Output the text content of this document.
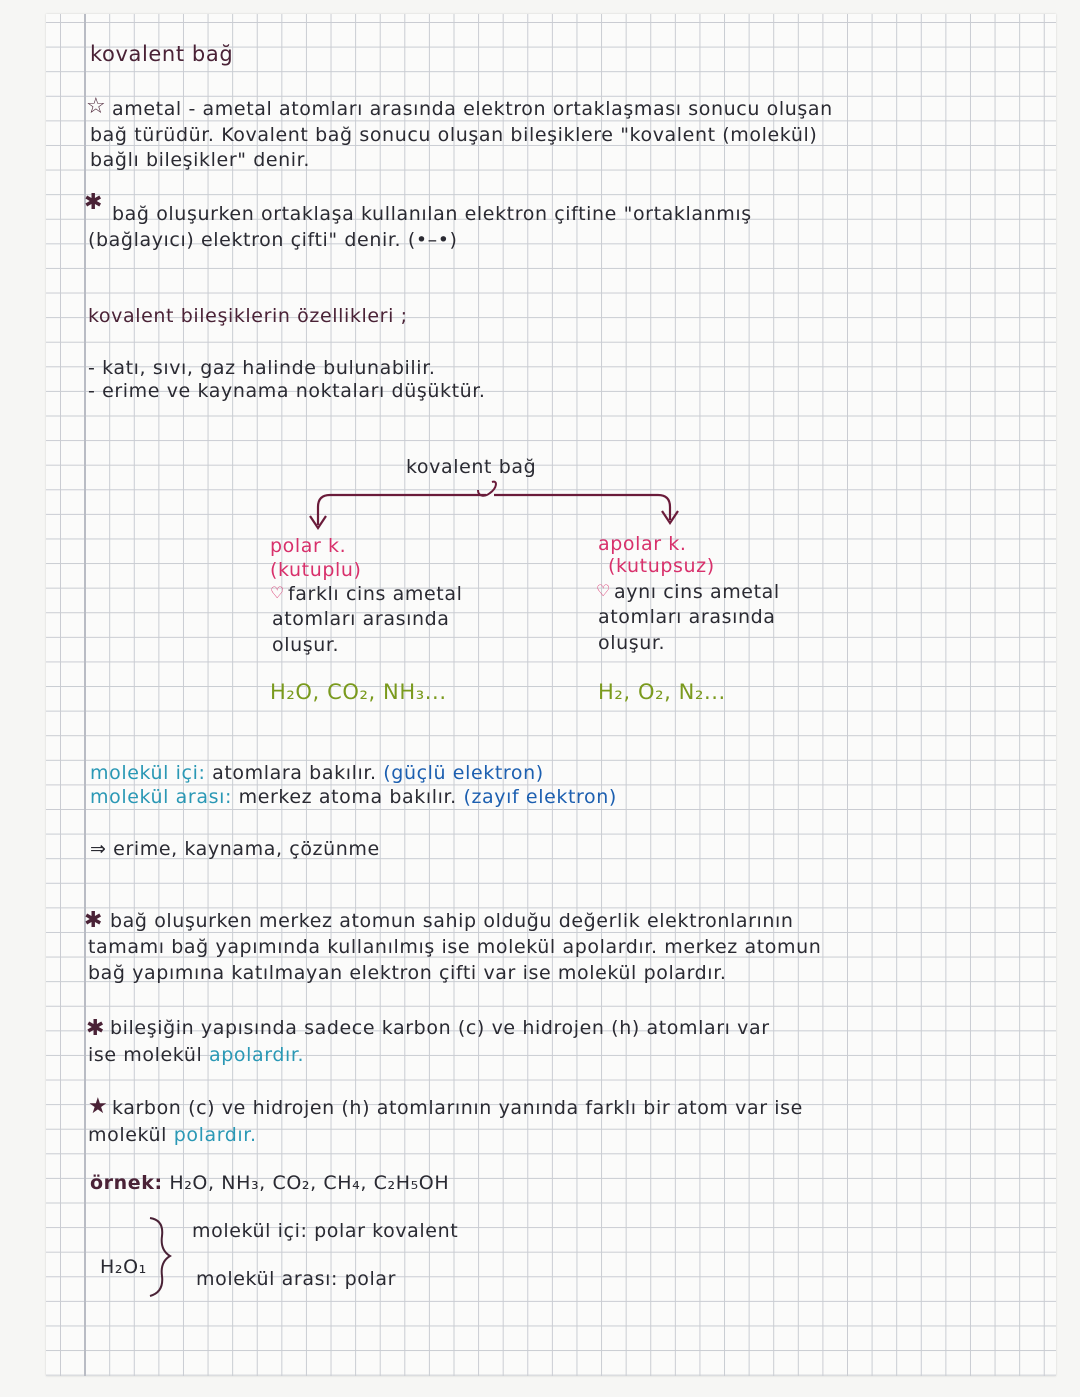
kovalent bağ
☆ ametal - ametal atomları arasında elektron ortaklaşması sonucu oluşan
bağ türüdür. Kovalent bağ sonucu oluşan bileşiklere "kovalent (molekül)
bağlı bileşikler" denir.
✱ bağ oluşurken ortaklaşa kullanılan elektron çiftine "ortaklanmış
(bağlayıcı) elektron çifti" denir. (•–•)
kovalent bileşiklerin özellikleri ;
- katı, sıvı, gaz halinde bulunabilir.
- erime ve kaynama noktaları düşüktür.
kovalent bağ
polar k.
(kutuplu)
♡ farklı cins ametal
atomları arasında
oluşur.
H₂O, CO₂, NH₃...
apolar k.
(kutupsuz)
♡ aynı cins ametal
atomları arasında
oluşur.
H₂, O₂, N₂...
molekül içi: atomlara bakılır. (güçlü elektron)
molekül arası: merkez atoma bakılır. (zayıf elektron)
⇒ erime, kaynama, çözünme
✱ bağ oluşurken merkez atomun sahip olduğu değerlik elektronlarının
tamamı bağ yapımında kullanılmış ise molekül apolardır. merkez atomun
bağ yapımına katılmayan elektron çifti var ise molekül polardır.
✱ bileşiğin yapısında sadece karbon (c) ve hidrojen (h) atomları var
ise molekül apolardır.
★ karbon (c) ve hidrojen (h) atomlarının yanında farklı bir atom var ise
molekül polardır.
örnek: H₂O, NH₃, CO₂, CH₄, C₂H₅OH
H₂O₁
molekül içi: polar kovalent
molekül arası: polar
